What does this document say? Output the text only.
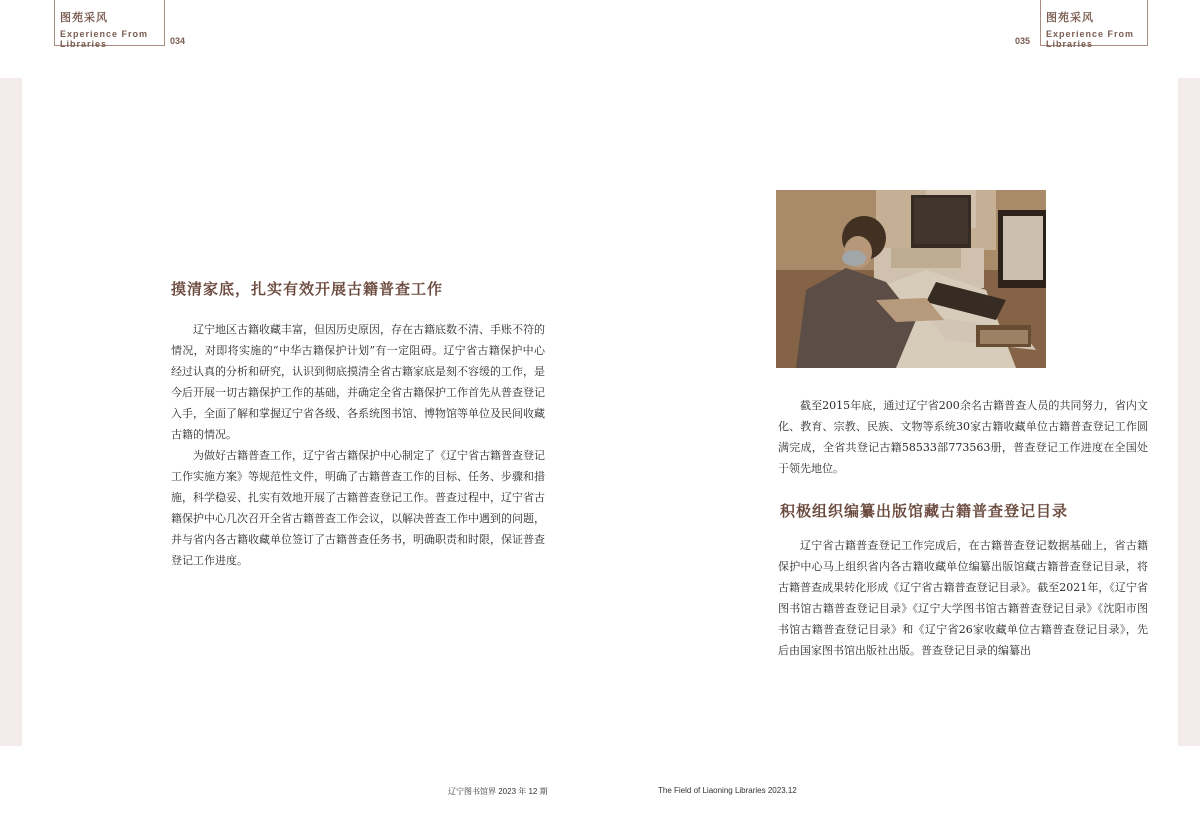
图苑采风
Experience From
Libraries	034	035
图苑采风
Experience From
Libraries
摸清家底，扎实有效开展古籍普查工作

辽宁地区古籍收藏丰富，但因历史原因，存在古籍底数不清、手账不符的情况，对即将实施的“中华古籍保护计划”有一定阻碍。辽宁省古籍保护中心经过认真的分析和研究，认识到彻底摸清全省古籍家底是刻不容缓的工作，是今后开展一切古籍保护工作的基础，并确定全省古籍保护工作首先从普查登记入手，全面了解和掌握辽宁省各级、各系统图书馆、博物馆等单位及民间收藏古籍的情况。

为做好古籍普查工作，辽宁省古籍保护中心制定了《辽宁省古籍普查登记工作实施方案》等规范性文件，明确了古籍普查工作的目标、任务、步骤和措施，科学稳妥、扎实有效地开展了古籍普查登记工作。普查过程中，辽宁省古籍保护中心几次召开全省古籍普查工作会议，以解决普查工作中遇到的问题，并与省内各古籍收藏单位签订了古籍普查任务书，明确职责和时限，保证普查登记工作进度。

截至2015年底，通过辽宁省200余名古籍普查人员的共同努力，省内文化、教育、宗教、民族、文物等系统30家古籍收藏单位古籍普查登记工作圆满完成，全省共登记古籍58533部773563册，普查登记工作进度在全国处于领先地位。

积极组织编纂出版馆藏古籍普查登记目录

辽宁省古籍普查登记工作完成后，在古籍普查登记数据基础上，省古籍保护中心马上组织省内各古籍收藏单位编纂出版馆藏古籍普查登记目录，将古籍普查成果转化形成《辽宁省古籍普查登记目录》。截至2021年，《辽宁省图书馆古籍普查登记目录》《辽宁大学图书馆古籍普查登记目录》《沈阳市图书馆古籍普查登记目录》和《辽宁省26家收藏单位古籍普查登记目录》，先后由国家图书馆出版社出版。普查登记目录的编纂出

辽宁图书馆界 2023 年 12 期	The Field of Liaoning Libraries 2023.12
